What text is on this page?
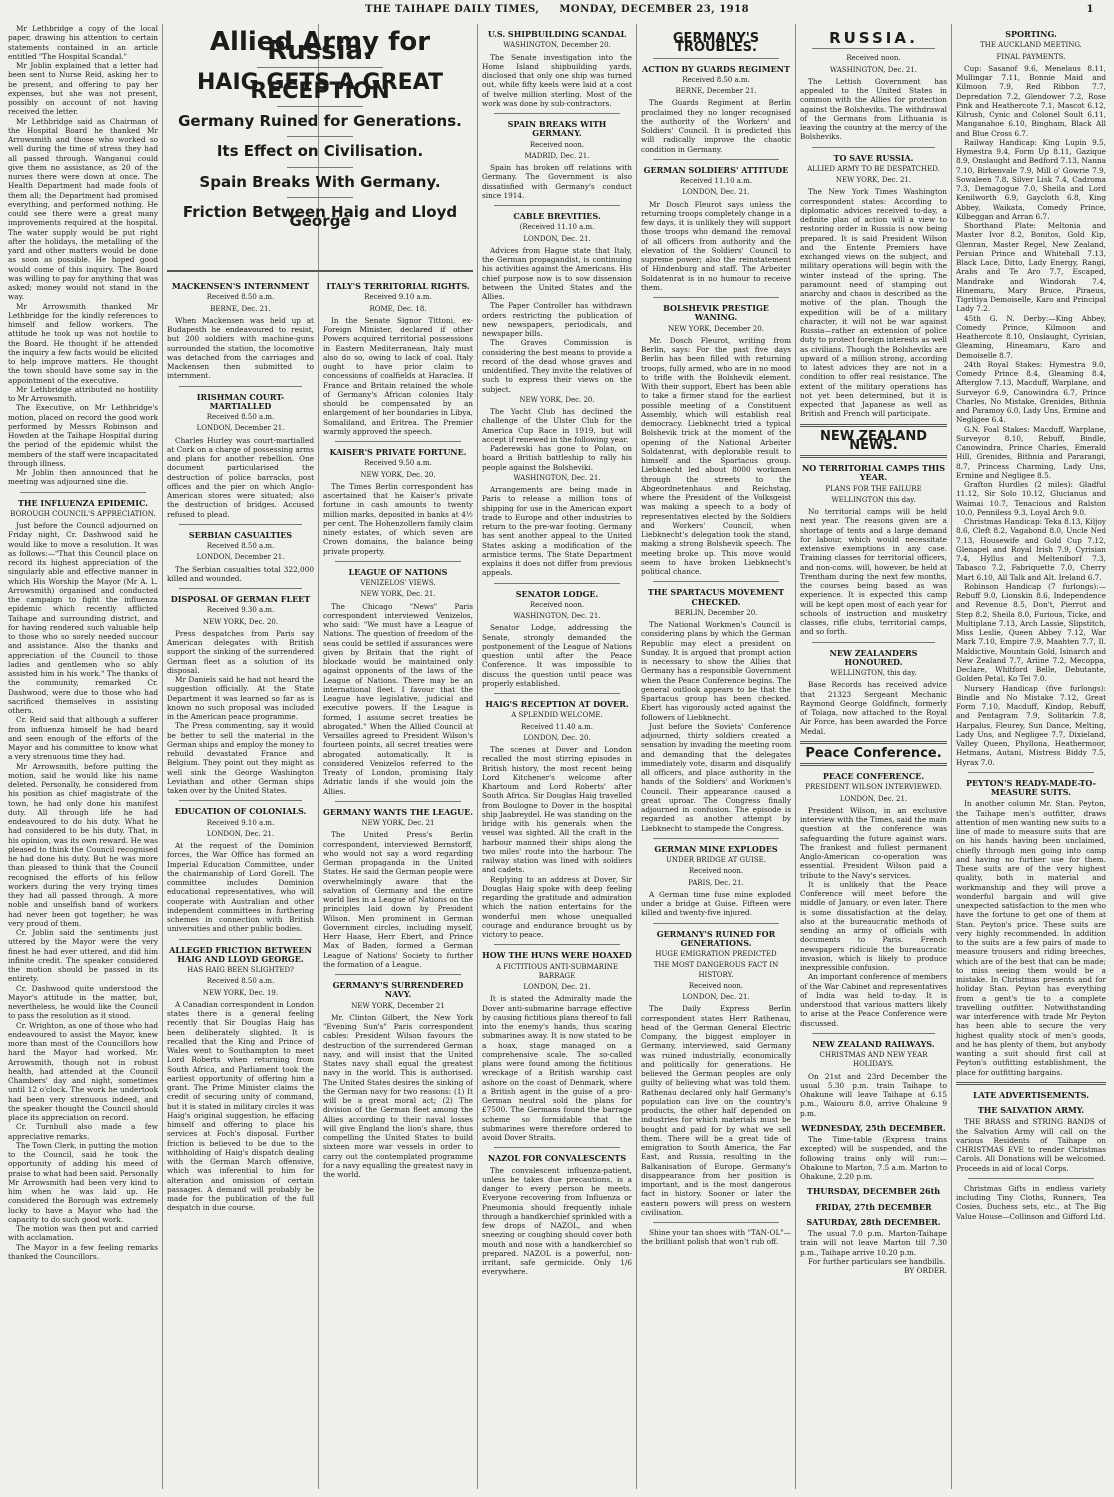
THE TAIHAPE DAILY TIMES, MONDAY, DECEMBER 23, 1918	1

Mr Lethbridge a copy of the local paper, drawing his attention to certain statements contained in an article entitled "The Hospital Scandal."

Mr Joblin explained that a letter had been sent to Nurse Reid, asking her to be present, and offering to pay her expenses, but she was not present, possibly on account of not having received the letter.

Mr Lethbridge said as Chairman of the Hospital Board he thanked Mr Arrowsmith and those who worked so well during the time of stress they had all passed through. Wanganui could give them no assistance, as 20 of the nurses there were down at once. The Health Department had made fools of them all; the Department had promised everything, and performed nothing. He could see there were a great many improvements required at the hospital. The water supply would be put right after the holidays, the metalling of the yard and other matters would be done as soon as possible. He hoped good would come of this inquiry. The Board was willing to pay for anything that was asked; money would not stand in the way.

Mr Arrowsmith thanked Mr Lethbridge for the kindly references to himself and fellow workers. The attitude he took up was not hostile to the Board. He thought if he attended the inquiry a few facts would be elicited to help improve matters. He thought the town should have some say in the appointment of the executive.

Mr Lethbridge attributed no hostility to Mr Arrowsmith.

The Executive, on Mr Lethbridge's motion, placed on record the good work performed by Messrs Robinson and Howden at the Taihape Hospital during the period of the epidemic whilst the members of the staff were incapacitated through illness.

Mr Joblin then announced that he meeting was adjourned sine die.

THE INFLUENZA EPIDEMIC.
BOROUGH COUNCIL'S APPRECIATION.

Just before the Council adjourned on Friday night, Cr. Dashwood said he would like to move a resolution. It was as follows:—"That this Council place on record its highest appreciation of the singularly able and effective manner in which His Worship the Mayor (Mr A. L. Arrowsmith) organised and conducted the campaign to fight the influenza epidemic which recently afflicted Taihape and surrounding district, and for having rendered such valuable help to those who so sorely needed succour and assistance. Also the thanks and appreciation of the Council to those ladies and gentlemen who so ably assisted him in his work." The thanks of the community, remarked Cr. Dashwood, were due to those who had sacrificed themselves in assisting others.

Cr. Reid said that although a sufferer from influenza himself he had heard and seen enough of the efforts of the Mayor and his committee to know what a very strenuous time they had.

Mr Arrowsmith, before putting the motion, said he would like his name deleted. Personally, he considered from his position as chief magistrate of the town, he had only done his manifest duty. All through life he had endeavoured to do his duty. What he had considered to be his duty. That, in his opinion, was its own reward. He was pleased to think the Council recognised he had done his duty. But he was more than pleased to think that the Council recognised the efforts of his fellow workers during the very trying times they had all passed through. A more noble and unselfish band of workers had never been got together; he was very proud of them.

Cr. Joblin said the sentiments just uttered by the Mayor were the very finest he had ever uttered, and did him infinite credit. The speaker considered the motion should be passed in its entirety.

Cr. Dashwood quite understood the Mayor's attitude in the matter, but, nevertheless, he would like the Council to pass the resolution as it stood.

Cr. Wrighton, as one of those who had endeavoured to assist the Mayor, knew more than most of the Councillors how hard the Mayor had worked. Mr. Arrowsmith, though not in robust health, had attended at the Council Chambers' day and night, sometimes until 12 o'clock. The work he undertook had been very strenuous indeed, and the speaker thought the Council should place its appreciation on record.

Cr. Turnbull also made a few appreciative remarks.

The Town Clerk, in putting the motion to the Council, said he took the opportunity of adding his meed of praise to what had been said. Personally Mr Arrowsmith had been very kind to him when he was laid up. He considered the Borough was extremely lucky to have a Mayor who had the capacity to do such good work.

The motion was then put and carried with acclamation.

The Mayor in a few feeling remarks thanked the Councillors.

Allied Army for Russia.
HAIG GETS A GREAT RECEPTION
Germany Ruined for Generations.
Its Effect on Civilisation.
Spain Breaks With Germany.
Friction Between Haig and Lloyd George
MACKENSEN'S INTERNMENT
Received 8.50 a.m.
BERNE, Dec. 21.

When Mackensen was held up at Budapesth he endeavoured to resist, but 200 soldiers with machine-guns surrounded the station, the locomotive was detached from the carriages and Mackensen then submitted to internment.

IRISHMAN COURT-MARTIALLED
Received 8.50 a.m.
LONDON, December 21.

Charles Hurley was court-martialled at Cork on a charge of possessing arms and plans for another rebellion. One document particularised the destruction of police barracks, post offices and the pier on which Anglo-American stores were situated; also the destruction of bridges. Accused refused to plead.

SERBIAN CASUALTIES
Received 8.50 a.m.
LONDON, December 21.

The Serbian casualties total 322,000 killed and wounded.

DISPOSAL OF GERMAN FLEET
Received 9.30 a.m.
NEW YORK, Dec. 20.

Press despatches from Paris say American delegates with British support the sinking of the surrendered German fleet as a solution of its disposal.

Mr Daniels said he had not heard the suggestion officially. At the State Department it was learned so far as is known no such proposal was included in the American peace programme.

The Press commenting, say it would be better to sell the material in the German ships and employ the money to rebuild devastated France and Belgium. They point out they might as well sink the George Washington Leviathan and other German ships taken over by the United States.

EDUCATION OF COLONIALS.
Received 9.10 a.m.
LONDON, Dec. 21.

At the request of the Dominion forces, the War Office has formed an Imperial Education Committee, under the chairmanship of Lord Gorell. The committee includes Dominion educational representatives, who will cooperate with Australian and other independent committees in furthering schemes in connection with British universities and other public bodies.

ALLEGED FRICTION BETWEEN HAIG AND LLOYD GEORGE.
HAS HAIG BEEN SLIGHTED?
Received 8.50 a.m.
NEW YORK, Dec. 19.

A Canadian correspondent in London states there is a general feeling recently that Sir Douglas Haig has been deliberately slighted. It is recalled that the King and Prince of Wales went to Southampton to meet Lord Roberts when returning from South Africa, and Parliament took the earliest opportunity of offering him a grant. The Prime Minister claims the credit of securing unity of command, but it is stated in military circles it was Haig's original suggestion, he effacing himself and offering to place his services at Foch's disposal. Further friction is believed to be due to the withholding of Haig's dispatch dealing with the German March offensive, which was inferential to him for alteration and omission of certain passages. A demand will probably be made for the publication of the full despatch in due course.

ITALY'S TERRITORIAL RIGHTS.
Received 9.10 a.m.
ROME, Dec. 18.

In the Senate Signor Tittoni, ex-Foreign Minister, declared if other Powers acquired territorial possessions in Eastern Mediterranean, Italy must also do so, owing to lack of coal. Italy ought to have prior claim to concessions of coalfields at Haraclea. If France and Britain retained the whole of Germany's African colonies Italy should be compensated by an enlargement of her boundaries in Libya, Somaliland, and Eritrea. The Premier warmly approved the speech.

KAISER'S PRIVATE FORTUNE.
Received 9.50 a.m.
NEW YORK, Dec. 20.

The Times Berlin correspondent has ascertained that he Kaiser's private fortune in cash amounts to twenty million marks, deposited in banks at 4½ per cent. The Hohenzollern family claim ninety estates, of which seven are Crown domains, the balance being private property.

LEAGUE OF NATIONS
VENIZELOS' VIEWS.
NEW YORK, Dec. 21.

The Chicago "News" Paris correspondent interviewed Venizelos, who said: "We must have a League of Nations. The question of freedom of the seas could be settled if assurances were given by Britain that the right of blockade would be maintained only against opponents of the laws of the League of Nations. There may be an international fleet. I favour that the League have legislative, judicial and executive powers. If the League is formed, I assume secret treaties be abrogated." When the Allied Council at Versailles agreed to President Wilson's fourteen points, all secret treaties were abrogated automatically. It is considered Venizelos referred to the Treaty of London, promising Italy Adriatic lands if she would join the Allies.

GERMANY WANTS THE LEAGUE.
NEW YORK, Dec. 21

The United Press's Berlin correspondent, interviewed Bernstorff, who would not say a word regarding German propaganda in the United States. He said the German people were overwhelmingly aware that the salvation of Germany and the entire world lies in a League of Nations on the principles laid down by President Wilson. Men prominent in German Government circles, including myself, Herr Haase, Herr Ebert, and Prince Max of Baden, formed a German League of Nations' Society to further the formation of a League.

GERMANY'S SURRENDERED NAVY.
NEW YORK, December 21

Mr. Clinton Gilbert, the New York "Evening Sun's" Paris correspondent cables: President Wilson favours the destruction of the surrendered German navy, and will insist that the United States navy shall equal the greatest navy in the world. This is authorised. The United States desires the sinking of the German navy for two reasons: (1) It will be a great moral act; (2) The division of the German fleet among the Allies according to their naval losses will give England the lion's share, thus compelling the United States to build sixteen more war vessels in order to carry out the contemplated programme for a navy equalling the greatest navy in the world.

U.S. SHIPBUILDING SCANDAL
WASHINGTON, December 20.

The Senate investigation into the Home Island shipbuilding yards, disclosed that only one ship was turned out, while fifty keels were laid at a cost of twelve million sterling. Most of the work was done by sub-contractors.

SPAIN BREAKS WITH GERMANY.
Received noon.
MADRID, Dec. 21.

Spain has broken off relations with Germany. The Government is also dissatisfied with Germany's conduct since 1914.

CABLE BREVITIES.
(Received 11.10 a.m.
LONDON, Dec. 21.

Advices from Hague state that Italy, the German propagandist, is continuing his activities against the Americans. His chief purpose now is to sow dissension between the United States and the Allies.

The Paper Controller has withdrawn orders restricting the publication of new newspapers, periodicals, and newspaper bills.

The Graves Commission is considering the best means to provide a record of the dead whose graves and unidentified. They invite the relatives of such to express their views on the subject.

NEW YORK, Dec. 20.

The Yacht Club has declined the challenge of the Ulster Club for the America Cup Race in 1919, but will accept if renewed in the following year.

Paderewski has gone to Polan, on board a British battleship to rally his people against the Bolsheviki.

WASHINGTON, Dec. 21.

Arrangements are being made in Paris to release a million tons of shipping for use in the American export trade to Europe and other industries to return to the pre-war footing. Germany has sent another appeal to the United States asking a modification of the armistice terms. The State Department explains it does not differ from previous appeals.

SENATOR LODGE.
Received noon.
WASHINGTON, Dec. 21.

Senator Lodge, addressing the Senate, strongly demanded the postponement of the League of Nations question until after the Peace Conference. It was impossible to discuss the question until peace was properly established.

HAIG'S RECEPTION AT DOVER.
A SPLENDID WELCOME.
Received 11.40 a.m.
LONDON, Dec. 20.

The scenes at Dover and London recalled the most stirring episodes in British history, the most recent being Lord Kitchener's welcome after Khartoum and Lord Roberts' after South Africa. Sir Douglas Haig travelled from Boulogne to Dover in the hospital ship Jaabreydel. He was standing on the bridge with his generals when the vessel was sighted. All the craft in the harbour manned their ships along the two miles' route into the harbour. The railway station was lined with soldiers and cadets.

Replying to an address at Dover, Sir Douglas Haig spoke with deep feeling regarding the gratitude and admiration which the nation entertains for the wonderful men whose unequalled courage and endurance brought us by victory to peace.

HOW THE HUNS WERE HOAXED
A FICTITIOUS ANTI-SUBMARINE BARRAGE
LONDON, Dec. 21.

It is stated the Admiralty made the Dover anti-submarine barrage effective by causing fictitious plans thereof to fall into the enemy's hands, thus scaring submarines away. It is now stated to be a hoax, stage managed on a comprehensive scale. The so-called plans were found among the fictitious wreckage of a British warship cast ashore on the coast of Denmark, where a British agent in the guise of a pro-German neutral sold the plans for £7500. The Germans found the barrage scheme so formidable that the submarines were therefore ordered to avoid Dover Straits.

NAZOL FOR CONVALESCENTS

The convalescent influenza-patient, unless he takes due precautions, is a danger to every person he meets. Everyone recovering from Influenza or Pneumonia should frequently inhale through a handkerchief sprinkled with a few drops of NAZOL, and when sneezing or coughing should cover both mouth and nose with a handkerchief so prepared. NAZOL is a powerful, non-irritant, safe germicide. Only 1/6 everywhere.

GERMANY'S TROUBLES.
ACTION BY GUARDS REGIMENT
Received 8.50 a.m.
BERNE, December 21.

The Guards Regiment at Berlin proclaimed they no longer recognised the authority of the Workers' and Soldiers' Council. It is predicted this will radically improve the chaotic condition in Germany.

GERMAN SOLDIERS' ATTITUDE
Received 11.10 a.m.
LONDON, Dec. 21.

Mr Dosch Fleurot says unless the returning troops completely change in a few days, it is unlikely they will support those troops who demand the removal of all officers from authority and the elevation of the Soldiers' Council to supreme power; also the reinstatement of Hindenburg and staff. The Arbeiter Soldatenrat is in no humour to receive them.

BOLSHEVIK PRESTIGE WANING.
NEW YORK, December 20.

Mr. Dosch Fleurot, writing from Berlin, says: For the past five days Berlin has been filled with returning troops, fully armed, who are in no mood to trifle with the Bolshevik element. With their support, Ebert has been able to take a firmer stand for the earliest possible meeting of a Constituent Assembly, which will establish real democracy. Liebknecht tried a typical Bolshevik trick at the moment of the opening of the National Arbeiter Soldatenrat, with deplorable result to himself and the Spartacus group. Liebknecht led about 8000 workmen through the streets to the Abgeordnetenhaus and Reichstag, where the President of the Volksgeist was making a speech to a body of representatives elected by the Soldiers and Workers' Council, when Liebknecht's delegation took the stand, making a strong Bolshevik speech. The meeting broke up. This move would seem to have broken Liebknecht's political chance.

THE SPARTACUS MOVEMENT CHECKED.
BERLIN, December 20.

The National Workmen's Council is considering plans by which the German Republic may elect a president on Sunday. It is argued that prompt action is necessary to show the Allies that Germany has a responsible Government when the Peace Conference begins. The general outlook appears to be that the Spartacus group has been checked. Ebert has vigorously acted against the followers of Liebknecht.

Just before the Soviets' Conference adjourned, thirty soldiers created a sensation by invading the meeting room and demanding that the delegates immediately vote, disarm and disqualify all officers, and place authority in the hands of the Soldiers' and Workmen's Council. Their appearance caused a great uproar. The Congress finally adjourned in confusion. The episode is regarded as another attempt by Liebknecht to stampede the Congress.

GERMAN MINE EXPLODES
UNDER BRIDGE AT GUISE.
Received noon.
PARIS, Dec. 21.

A German time fuse mine exploded under a bridge at Guise. Fifteen were killed and twenty-five injured.

GERMANY'S RUINED FOR GENERATIONS.
HUGE EMIGRATION PREDICTED
THE MOST DANGEROUS FACT IN HISTORY.
Received noon.
LONDON, Dec. 21.

The Daily Express Berlin correspondent states Herr Rathenau, head of the German General Electric Company, the biggest employer in Germany, interviewed, said Germany was ruined industrially, economically and politically for generations. He believed the German peoples are only guilty of believing what was told them. Rathenau declared only half Germany's population can live on the country's products, the other half depended on industries for which materials must be bought and paid for by what we sell them. There will be a great tide of emigration to South America, the Far East, and Russia, resulting in the Balkanisation of Europe. Germany's disappearance from her position is important, and is the most dangerous fact in history. Sooner or later the eastern powers will press on western civilisation.

Shine your tan shoes with "TAN-OL"—the brilliant polish that won't rub off.

RUSSIA.
Received noon.
WASHINGTON, Dec. 21.

The Lettish Government has appealed to the United States in common with the Allies for protection against the Bolsheviks. The withdrawal of the Germans from Lithuania is leaving the country at the mercy of the Bolsheviks.

TO SAVE RUSSIA.
ALLIED ARMY TO BE DESPATCHED.
NEW YORK, Dec. 21.

The New York Times Washington correspondent states: According to diplomatic advices received to-day, a definite plan of action will a view to restoring order in Russia is now being prepared. It is said President Wilson and the Entente Premiers have exchanged views on the subject, and military operations will begin with the winter instead of the spring. The paramount need of stamping out anarchy and chaos is described as the motive of the plan. Though the expedition will be of a military character, it will not be war against Russia—rather an extension of police duty to protect foreign interests as well as civilians. Though the Bolsheviks are upward of a million strong, according to latest advices they are not in a condition to offer real resistance. The extent of the military operations has not yet been determined, but it is expected that Japanese as well as British and French will participate.

NEW ZEALAND NEWS.
NO TERRITORIAL CAMPS THIS YEAR.
PLANS FOR THE FAILURE
WELLINGTON this day.

No territorial camps will be held next year. The reasons given are a shortage of tents and a large demand for labour, which would necessitate extensive exemptions in any case. Training classes for territorial officers, and non-coms. will, however, be held at Trentham during the next few months, the courses being based as was experience. It is expected this camp will be kept open most of each year for schools of instruction and musketry classes, rifle clubs, territorial camps, and so forth.

NEW ZEALANDERS HONOURED.
WELLINGTON, this day.

Base Records has received advice that 21323 Sergeant Mechanic Raymond George Goldfinch, formerly of Tolaga, now attached to the Royal Air Force, has been awarded the Force Medal.

Peace Conference.
PEACE CONFERENCE.
PRESIDENT WILSON INTERVIEWED.
LONDON, Dec. 21.

President Wilson, in an exclusive interview with the Times, said the main question at the conference was safeguarding the future against wars. The frankest and fullest permanent Anglo-American co-operation was essential. President Wilson paid a tribute to the Navy's services.

It is unlikely that the Peace Conference will meet before the middle of January, or even later. There is some dissatisfaction at the delay, also at the bureaucratic methods of sending an army of officials with documents to Paris. French newspapers ridicule the bureaucratic invasion, which is likely to produce inexpressible confusion.

An important conference of members of the War Cabinet and representatives of India was held to-day. It is understood that various matters likely to arise at the Peace Conference were discussed.

NEW ZEALAND RAILWAYS.
CHRISTMAS AND NEW YEAR HOLIDAYS.

On 21st and 23rd December the usual 5.30 p.m. train Taihape to Ohakune will leave Taihape at 6.15 p.m., Waiouru 8.0, arrive Ohakune 9 p.m.

WEDNESDAY, 25th DECEMBER.

The Time-table (Express trains excepted) will be suspended, and the following trains only will run:— Ohakune to Marton, 7.5 a.m. Marton to Ohakune, 2.20 p.m.

THURSDAY, DECEMBER 26th
FRIDAY, 27th DECEMBER
SATURDAY, 28th DECEMBER.

The usual 7.0 p.m. Marton-Taihape train will not leave Marton till 7.30 p.m., Taihape arrive 10.20 p.m.

For further particulars see handbills.

BY ORDER.
SPORTING.
THE AUCKLAND MEETING.
FINAL PAYMENTS.

Cup: Sasanof 9.6, Menelaus 8.11, Mullingar 7.11, Bonnie Maid and Kilmoon 7.9, Red Ribbon 7.7, Depredation 7.2, Glendower 7.2, Rose Pink and Heathercote 7.1, Mascot 6.12, Kilrush, Cynic and Colonel Soult 6.11, Manganahoe 6.10, Bingham, Black All and Blue Cross 6.7.

Railway Handicap: King Lupin 9.5, Hymestra 9.4, Form Up 8.11, Gazique 8.9, Onslaught and Bedford 7.13, Nanna 7.10, Birkenvale 7.9, Mill o' Gowrie 7.9, Sowaleen 7.8, Silver Lisk 7.4, Cadroma 7.3, Demagogue 7.0, Sheila and Lord Kenilworth 6.9, Gaycloth 6.8, King Abbey, Waikata, Comedy Prince, Kilbeggan and Arran 6.7.

Shorthand Plate: Meltonia and Master Ivor 8.2, Bonitos, Gold Kip, Glenran, Master Regel, New Zealand, Persian Prince and Whitehall 7.13, Black Lace, Ditto, Lady Energy, Rangi, Arabs and Te Aro 7.7, Escaped, Mandrake and Windorah 7.4, Hinemaru, Mary Bruce, Piraeus, Tigritiya Demoiselle, Karo and Principal Lady 7.2.

45th G. N. Derby:—King Abbey, Comedy Prince, Kilmoon and Heathercote 8.10, Onslaught, Cyrisian, Gleaming, Hineamaru, Karo and Demoiselle 8.7.

24th Royal Stakes: Hymestra 9.0, Comedy Prince 8.4, Gleaming 8.4, Afterglow 7.13, Macduff, Warplane, and Surveyor 6.9, Canowindra 6.7, Prince Charles, No Mistake, Grenides, Bithnia and Paramoy 6.0, Lady Uns, Ermine and Negligee 6.4.

G.N. Foal Stakes: Macduff, Warplane, Surveyor 8.10, Rebuff, Bindle, Canowindra, Prince Charles, Emerald Hill, Grenides, Bithnia and Pararangi, 8.7, Princess Charming, Lady Uns, Ermine and Negligee 8.5.

Grafton Hurdles (2 miles): Gladful 11.12, Sir Solo 10.12, Glucianus and Waimai 10.7, Tenacious and Ralston 10.0, Penniless 9.3, Loyal Arch 9.0.

Christmas Handicap: Teka 8.13, Kiljoy 8.6, Cleft 8.2, Vagabond 8.0, Uncle Ned 7.13, Housewife and Gold Cup 7.12, Glenapel and Royal Irish 7.9, Cyrisian 7.4, Hyllus and Melteniborf 7.3, Tabasco 7.2, Fabriquette 7.0, Cherry Mart 6.10, All Talk and Alt. Ireland 6.7.

Robinson Handicap (7 furlongs):—Rebuff 9.0, Lionskin 8.6, Independence and Revenue 8.5, Don't, Pierrot and Step 8.2, Sheila 8.0, Furious, Ticke, and Multiplane 7.13, Arch Lassie, Slipstitch, Miss Leslie, Queen Abbey 7.12, War Mark 7.10, Empire 7.9, Maahten 7.7, Il. Maldictive, Mountain Gold, Isinarch and New Zealand 7.7, Ariine 7.2, Mecoppa, Declare, Whitford Belle, Debutante, Golden Petal, Ko Tei 7.0.

Nursery Handicap (five furlongs): Bindle and No Mistake 7.12, Great Form 7.10, Macduff, Kindop, Rebuff, and Pentagram 7.9, Solitarkin 7.8, Harpalus, Fleurey, Sun Dance, Melting, Lady Uns, and Negligee 7.7, Dixieland, Valley Queen, Phyllona, Heathermoor, Hetmans, Autani, Mistress Biddy 7.5, Hyrax 7.0.

PEYTON'S READY-MADE-TO-MEASURE SUITS.

In another column Mr. Stan. Peyton, the Taihape men's outfitter, draws attention of men wanting new suits to a line of made to measure suits that are on his hands having been unclaimed, chiefly through men going into camp and having no further use for them. These suits are of the very highest quality, both in material and workmanship and they will prove a wonderful bargain and will give unexpected satisfaction to the men who have the fortune to get one of them at Stan. Peyton's price. These suits are very highly recommended. In addition to the suits are a few pairs of made to measure trousers and riding breeches, which are of the best that can be made; to miss seeing them would be a mistake. In Christmas presents and for holiday Stan. Peyton has everything from a gent's tie to a complete travelling outfitter. Notwithstanding war interference with trade Mr Peyton has been able to secure the very highest quality stock of men's goods, and he has plenty of them, but anybody wanting a suit should first call at Peyton's outfitting establishment, the place for outfitting bargains.

LATE ADVERTISEMENTS.
THE SALVATION ARMY.

THE BRASS and STRING BANDS of the Salvation Army will call on the various Residents of Taihape on CHRISTMAS EVE to render Christmas Carols. All Donations will be welcomed. Proceeds in aid of local Corps.

Christmas Gifts in endless variety including Tiny Cloths, Runners, Tea Cosies, Duchess sets, etc., at The Big Value House—Collinson and Gifford Ltd.
